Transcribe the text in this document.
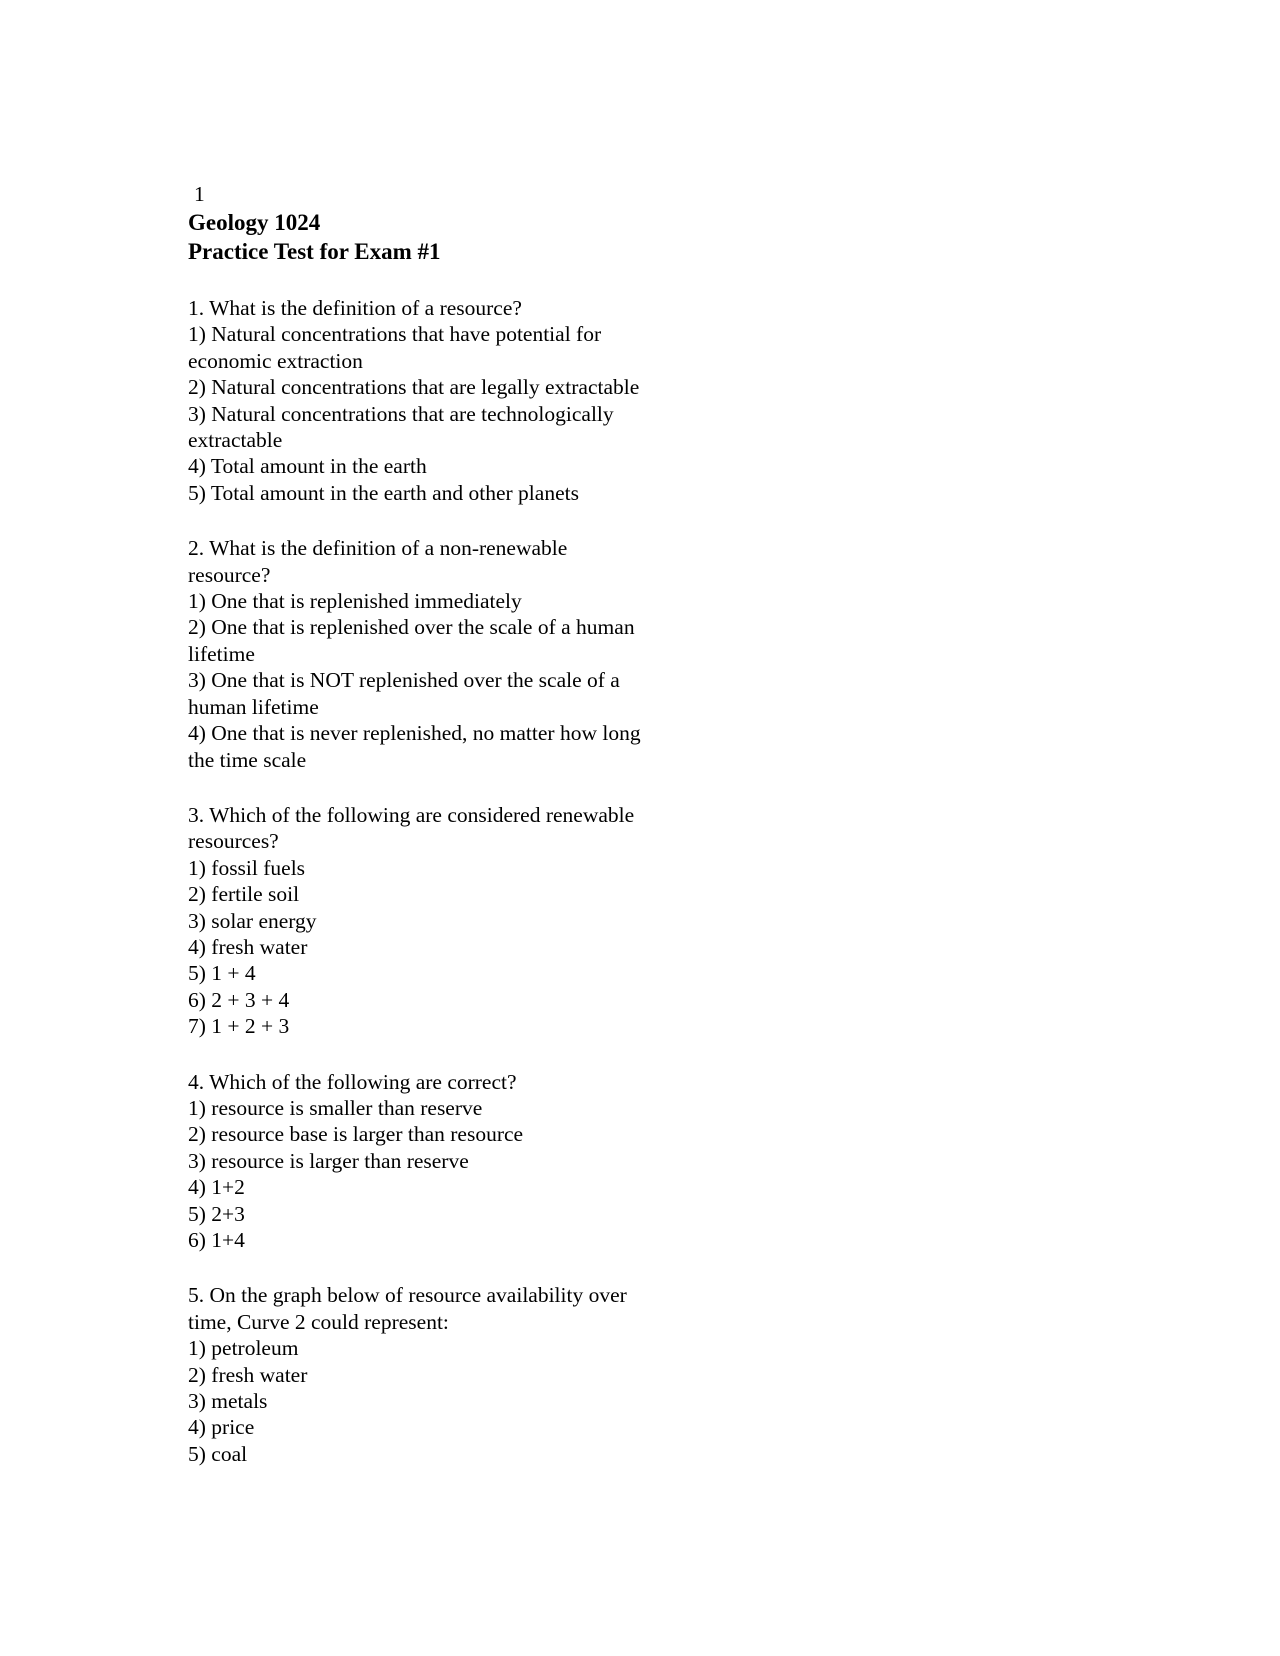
1
Geology 1024
Practice Test for Exam #1

1. What is the definition of a resource?

1) Natural concentrations that have potential for economic extraction

2) Natural concentrations that are legally extractable

3) Natural concentrations that are technologically extractable

4) Total amount in the earth

5) Total amount in the earth and other planets

2. What is the definition of a non-renewable resource?

1) One that is replenished immediately

2) One that is replenished over the scale of a human lifetime

3) One that is NOT replenished over the scale of a human lifetime

4) One that is never replenished, no matter how long the time scale

3. Which of the following are considered renewable resources?

1) fossil fuels

2) fertile soil

3) solar energy

4) fresh water

5) 1 + 4

6) 2 + 3 + 4

7) 1 + 2 + 3

4. Which of the following are correct?

1) resource is smaller than reserve

2) resource base is larger than resource

3) resource is larger than reserve

4) 1+2

5) 2+3

6) 1+4

5. On the graph below of resource availability over time, Curve 2 could represent:

1) petroleum

2) fresh water

3) metals

4) price

5) coal
